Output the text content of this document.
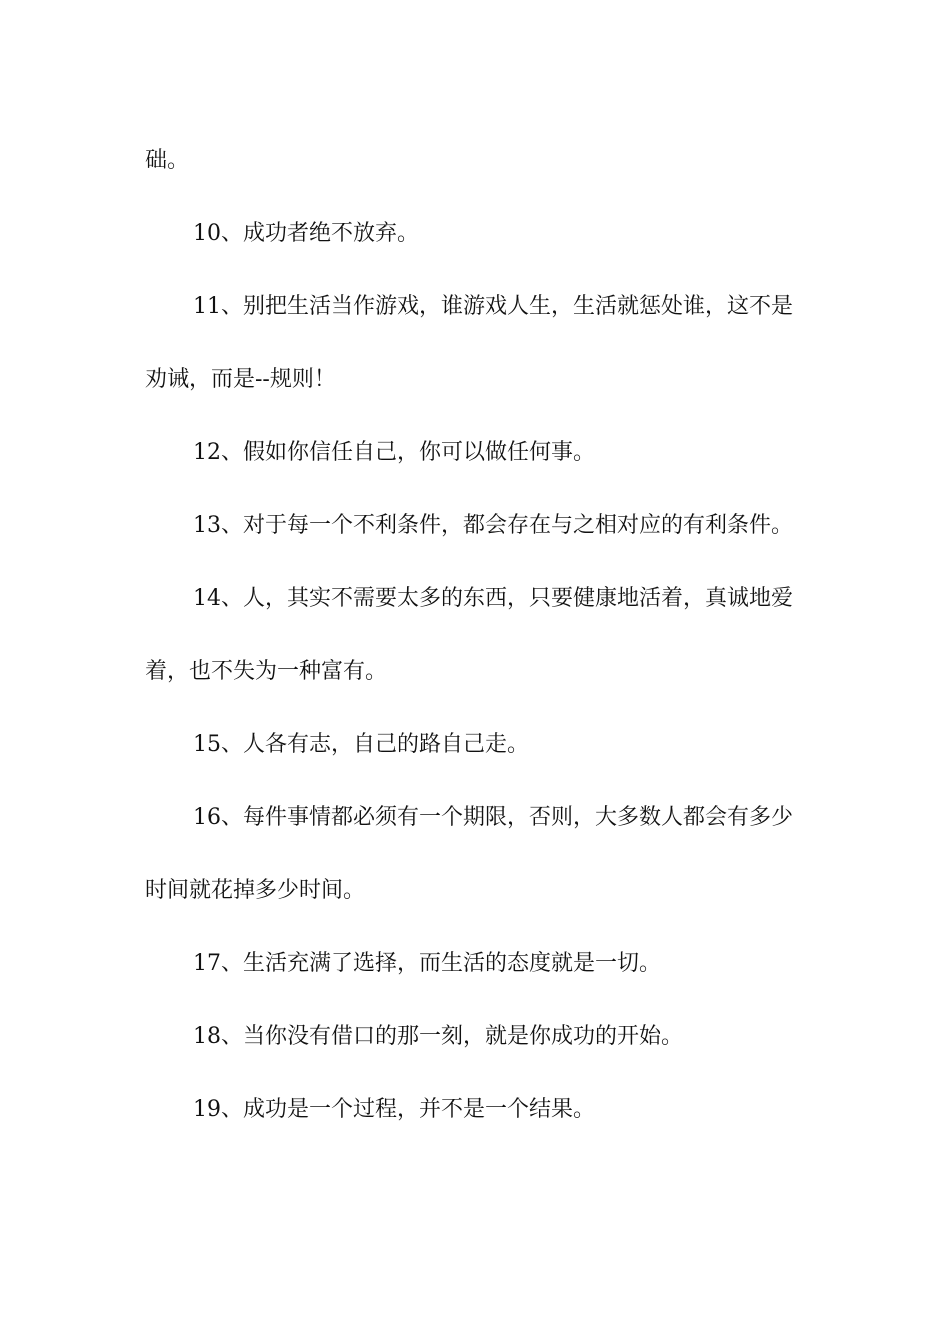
础。

10、成功者绝不放弃。

11、别把生活当作游戏，谁游戏人生，生活就惩处谁，这不是劝诫，而是--规则！

12、假如你信任自己，你可以做任何事。

13、对于每一个不利条件，都会存在与之相对应的有利条件。

14、人，其实不需要太多的东西，只要健康地活着，真诚地爱着，也不失为一种富有。

15、人各有志，自己的路自己走。

16、每件事情都必须有一个期限，否则，大多数人都会有多少时间就花掉多少时间。

17、生活充满了选择，而生活的态度就是一切。

18、当你没有借口的那一刻，就是你成功的开始。

19、成功是一个过程，并不是一个结果。
